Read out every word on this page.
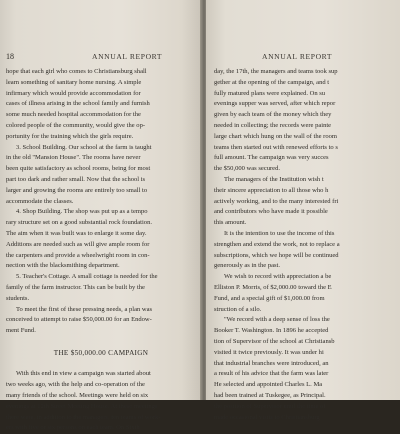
18	ANNUAL REPORT
hope that each girl who comes to Christiansburg shall
learn something of sanitary home nursing. A simple
infirmary which would provide accommodation for
cases of illness arising in the school family and furnish
some much needed hospital accommodation for the
colored people of the community, would give the op-
portunity for the training which the girls require.
3. School Building. Our school at the farm is taught
in the old "Mansion House". The rooms have never
been quite satisfactory as school rooms, being for most
part too dark and rather small. Now that the school is
larger and growing the rooms are entirely too small to
accommodate the classes.
4. Shop Building. The shop was put up as a tempo
rary structure set on a good substantial rock foundation.
The aim when it was built was to enlarge it some day.
Additions are needed such as will give ample room for
the carpenters and provide a wheelwright room in con-
nection with the blacksmithing department.
5. Teacher's Cottage. A small cottage is needed for the
family of the farm instructor. This can be built by the
students.
To meet the first of these pressing needs, a plan was
conceived to attempt to raise $50,000.00 for an Endow-
ment Fund.
THE $50,000.00 CAMPAIGN
With this end in view a campaign was started about
two weeks ago, with the help and co-operation of the
many friends of the school. Meetings were held on six
evenings at 12th Street Meeting House. At these meetings
there were, in addition to the managers, ten teams of work-
ers with five or six persons on each team. On Sixth
ANNUAL REPORT
day, the 17th, the managers and teams took sup
gether at the opening of the campaign, and t
fully matured plans were explained. On su
evenings supper was served, after which repor
given by each team of the money which they
needed in collecting; the records were painte
large chart which hung on the wall of the room
teams then started out with renewed efforts to s
full amount. The campaign was very succes
the $50,000 was secured.
The managers of the Institution wish t
their sincere appreciation to all those who h
actively working, and to the many interested fri
and contributors who have made it possible
this amount.
It is the intention to use the income of this
strengthen and extend the work, not to replace a
subscriptions, which we hope will be continued
generously as in the past.
We wish to record with appreciation a be
Elliston P. Morris, of $2,000.00 toward the E
Fund, and a special gift of $1,000.00 from
struction of a silo.
"We record with a deep sense of loss the
Booker T. Washington. In 1896 he accepted
tion of Supervisor of the school at Christiansb
visited it twice previously. It was under hi
that industrial branches were introduced, an
a result of his advice that the farm was later
He selected and appointed Charles L. Ma
had been trained at Tuskegee, as Principal.
the position of Supervisor until the time of
made occasional visits to Christiansburg
